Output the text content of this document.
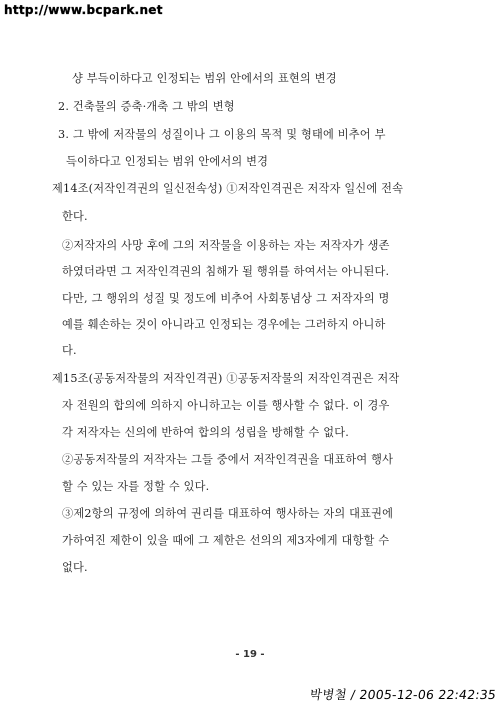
http://www.bcpark.net
샹 부득이하다고 인정되는 범위 안에서의 표현의 변경
2. 건축물의 증축·개축 그 밖의 변형
3. 그 밖에 저작물의 성질이나 그 이용의 목적 및 형태에 비추어 부
득이하다고 인정되는 범위 안에서의 변경
제14조(저작인격권의 일신전속성) ①저작인격권은 저작자 일신에 전속
한다.
②저작자의 사망 후에 그의 저작물을 이용하는 자는 저작자가 생존
하였더라면 그 저작인격권의 침해가 될 행위를 하여서는 아니된다.
다만, 그 행위의 성질 및 정도에 비추어 사회통념상 그 저작자의 명
예를 훼손하는 것이 아니라고 인정되는 경우에는 그러하지 아니하
다.
제15조(공동저작물의 저작인격권) ①공동저작물의 저작인격권은 저작
자 전원의 합의에 의하지 아니하고는 이를 행사할 수 없다. 이 경우
각 저작자는 신의에 반하여 합의의 성립을 방해할 수 없다.
②공동저작물의 저작자는 그들 중에서 저작인격권을 대표하여 행사
할 수 있는 자를 정할 수 있다.
③제2항의 규정에 의하여 권리를 대표하여 행사하는 자의 대표권에
가하여진 제한이 있을 때에 그 제한은 선의의 제3자에게 대항할 수
없다.
- 19 -
박병철 / 2005-12-06 22:42:35
